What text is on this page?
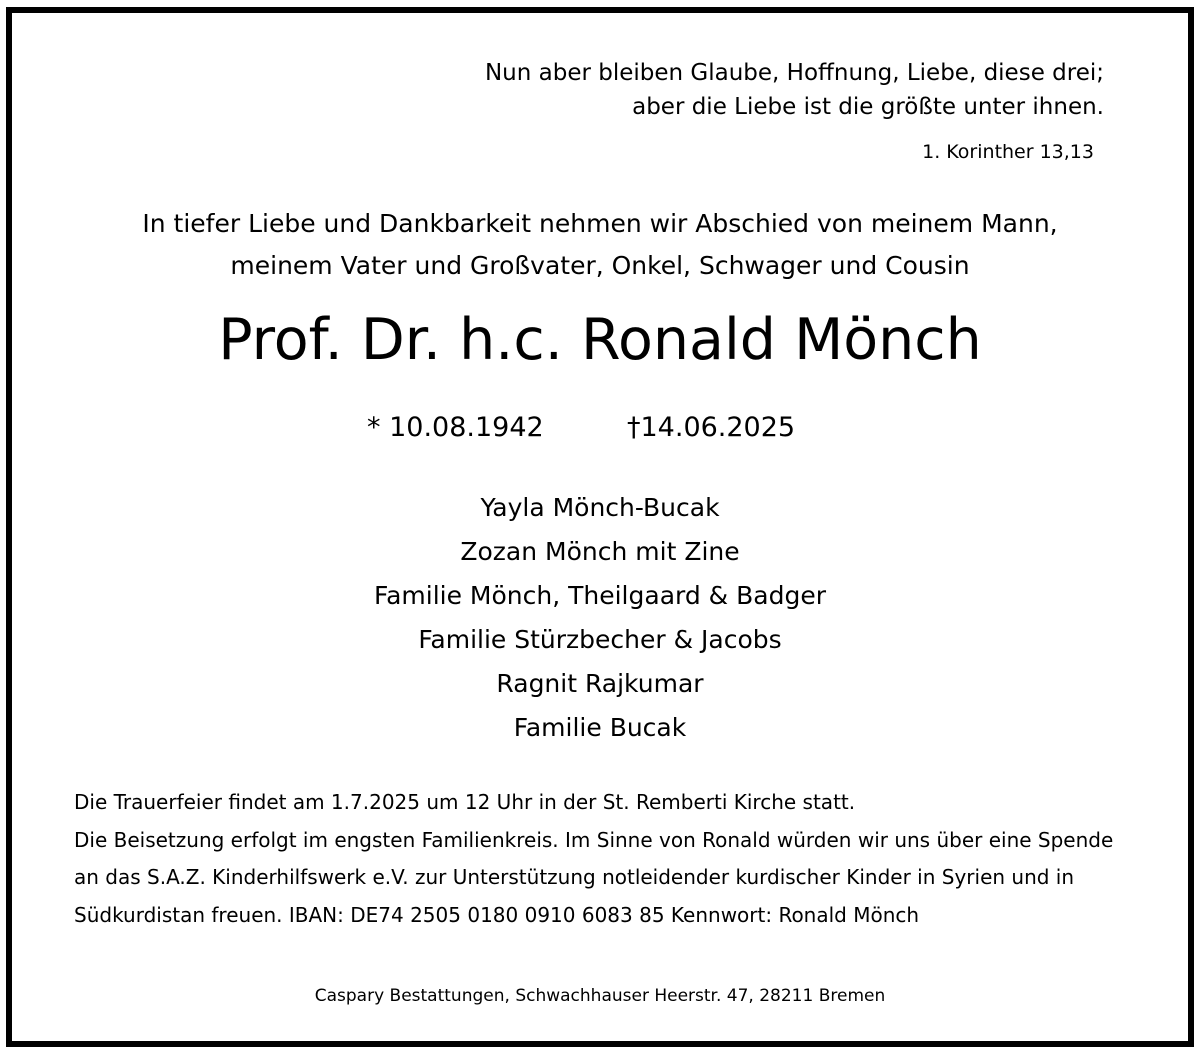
Nun aber bleiben Glaube, Hoffnung, Liebe, diese drei;
aber die Liebe ist die größte unter ihnen.
1. Korinther 13,13
In tiefer Liebe und Dankbarkeit nehmen wir Abschied von meinem Mann,
meinem Vater und Großvater, Onkel, Schwager und Cousin
Prof. Dr. h.c. Ronald Mönch
* 10.08.1942	†14.06.2025
Yayla Mönch-Bucak
Zozan Mönch mit Zine
Familie Mönch, Theilgaard & Badger
Familie Stürzbecher & Jacobs
Ragnit Rajkumar
Familie Bucak

Die Trauerfeier findet am 1.7.2025 um 12 Uhr in der St. Remberti Kirche statt.

Die Beisetzung erfolgt im engsten Familienkreis. Im Sinne von Ronald würden wir uns über eine Spende an das S.A.Z. Kinderhilfswerk e.V. zur Unterstützung notleidender kurdischer Kinder in Syrien und in Südkurdistan freuen. IBAN: DE74 2505 0180 0910 6083 85 Kennwort: Ronald Mönch

Caspary Bestattungen, Schwachhauser Heerstr. 47, 28211 Bremen
